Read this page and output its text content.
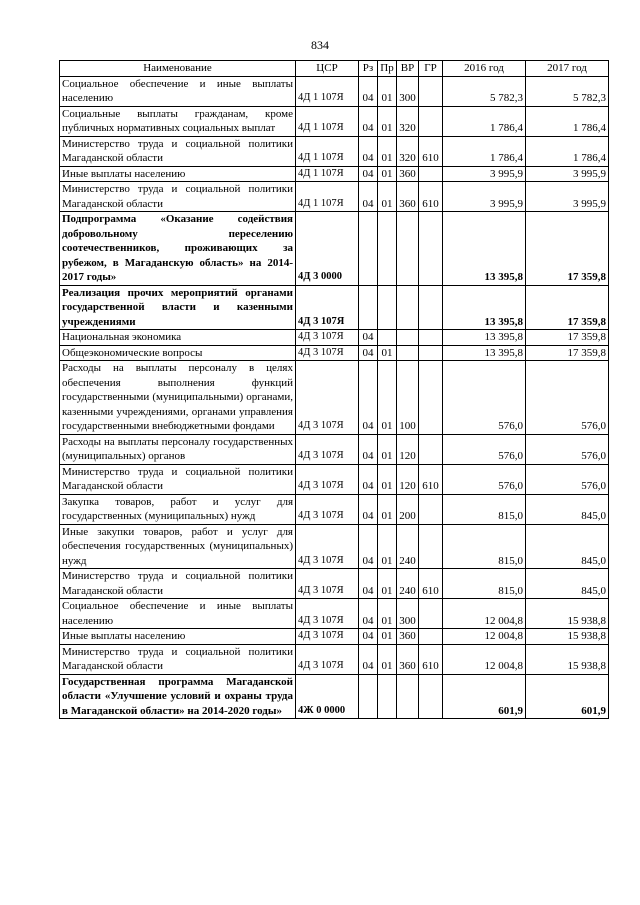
834
Наименование	ЦСР	Рз	Пр	ВР	ГР	2016 год	2017 год
Социальное обеспечение и иные выплаты населению	4Д 1 107Я	04	01	300		5 782,3	5 782,3
Социальные выплаты гражданам, кроме публичных нормативных социальных выплат	4Д 1 107Я	04	01	320		1 786,4	1 786,4
Министерство труда и социальной политики Магаданской области	4Д 1 107Я	04	01	320	610	1 786,4	1 786,4
Иные выплаты населению	4Д 1 107Я	04	01	360		3 995,9	3 995,9
Министерство труда и социальной политики Магаданской области	4Д 1 107Я	04	01	360	610	3 995,9	3 995,9
Подпрограмма «Оказание содействия добровольному переселению соотечественников, проживающих за рубежом, в Магаданскую область» на 2014-2017 годы»	4Д 3 0000					13 395,8	17 359,8
Реализация прочих мероприятий органами государственной власти и казенными учреждениями	4Д 3 107Я					13 395,8	17 359,8
Национальная экономика	4Д 3 107Я	04				13 395,8	17 359,8
Общеэкономические вопросы	4Д 3 107Я	04	01			13 395,8	17 359,8
Расходы на выплаты персоналу в целях обеспечения выполнения функций государственными (муниципальными) органами, казенными учреждениями, органами управления государственными внебюджетными фондами	4Д 3 107Я	04	01	100		576,0	576,0
Расходы на выплаты персоналу государственных (муниципальных) органов	4Д 3 107Я	04	01	120		576,0	576,0
Министерство труда и социальной политики Магаданской области	4Д 3 107Я	04	01	120	610	576,0	576,0
Закупка товаров, работ и услуг для государственных (муниципальных) нужд	4Д 3 107Я	04	01	200		815,0	845,0
Иные закупки товаров, работ и услуг для обеспечения государственных (муниципальных) нужд	4Д 3 107Я	04	01	240		815,0	845,0
Министерство труда и социальной политики Магаданской области	4Д 3 107Я	04	01	240	610	815,0	845,0
Социальное обеспечение и иные выплаты населению	4Д 3 107Я	04	01	300		12 004,8	15 938,8
Иные выплаты населению	4Д 3 107Я	04	01	360		12 004,8	15 938,8
Министерство труда и социальной политики Магаданской области	4Д 3 107Я	04	01	360	610	12 004,8	15 938,8
Государственная программа Магаданской области «Улучшение условий и охраны труда в Магаданской области» на 2014-2020 годы»	4Ж 0 0000					601,9	601,9
